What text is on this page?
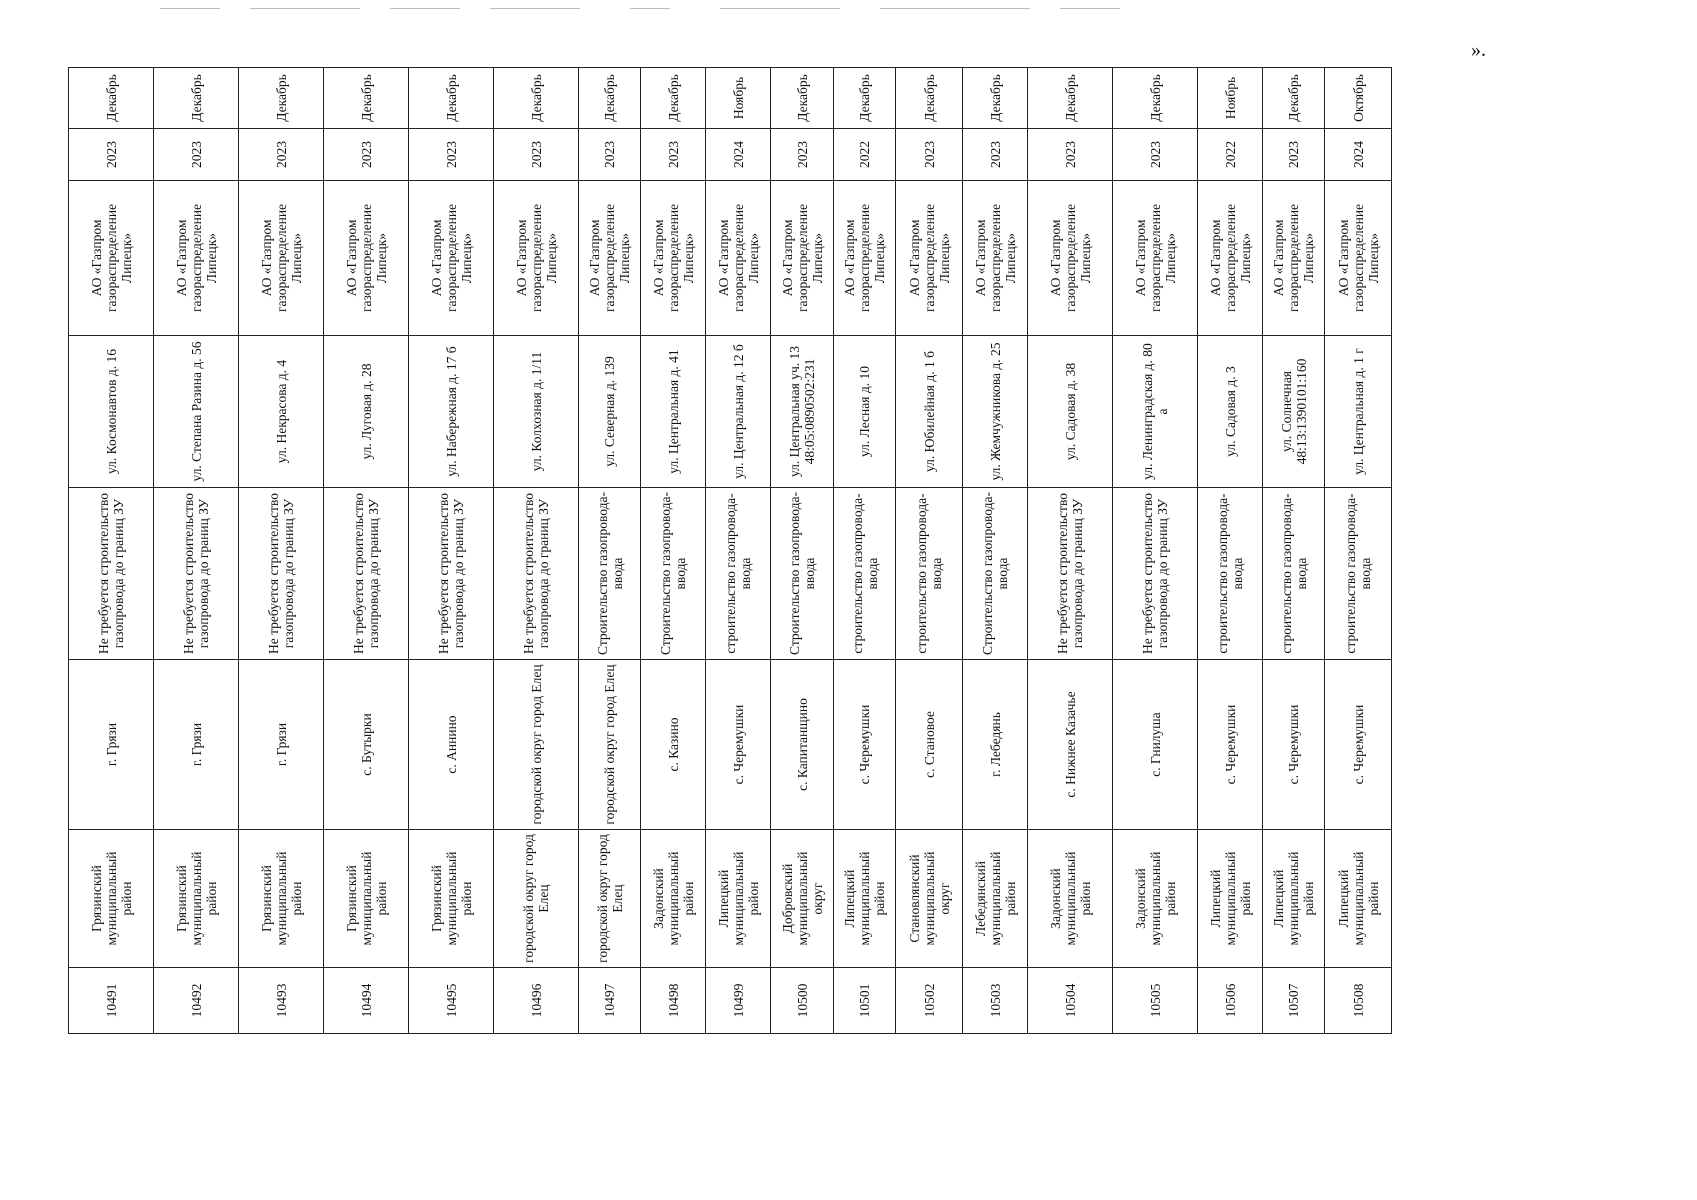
10491	Грязинский муниципальный район	г. Грязи	Не требуется строительство газопровода до границ ЗУ	ул. Космонавтов д. 16	АО «Газпром газораспределение Липецк»	2023	Декабрь
10492	Грязинский муниципальный район	г. Грязи	Не требуется строительство газопровода до границ ЗУ	ул. Степана Разина д. 56	АО «Газпром газораспределение Липецк»	2023	Декабрь
10493	Грязинский муниципальный район	г. Грязи	Не требуется строительство газопровода до границ ЗУ	ул. Некрасова д. 4	АО «Газпром газораспределение Липецк»	2023	Декабрь
10494	Грязинский муниципальный район	с. Бутырки	Не требуется строительство газопровода до границ ЗУ	ул. Луговая д. 28	АО «Газпром газораспределение Липецк»	2023	Декабрь
10495	Грязинский муниципальный район	с. Аннино	Не требуется строительство газопровода до границ ЗУ	ул. Набережная д. 17 б	АО «Газпром газораспределение Липецк»	2023	Декабрь
10496	городской округ город Елец	городской округ город Елец	Не требуется строительство газопровода до границ ЗУ	ул. Колхозная д. 1/11	АО «Газпром газораспределение Липецк»	2023	Декабрь
10497	городской округ город Елец	городской округ город Елец	Строительство газопровода-ввода	ул. Северная д. 139	АО «Газпром газораспределение Липецк»	2023	Декабрь
10498	Задонский муниципальный район	с. Казино	Строительство газопровода-ввода	ул. Центральная д. 41	АО «Газпром газораспределение Липецк»	2023	Декабрь
10499	Липецкий муниципальный район	с. Черемушки	строительство газопровода-ввода	ул. Центральная д. 12 б	АО «Газпром газораспределение Липецк»	2024	Ноябрь
10500	Добровский муниципальный округ	с. Капитанщино	Строительство газопровода-ввода	ул. Центральная уч. 13 48:05:0890502:231	АО «Газпром газораспределение Липецк»	2023	Декабрь
10501	Липецкий муниципальный район	с. Черемушки	строительство газопровода-ввода	ул. Лесная д. 10	АО «Газпром газораспределение Липецк»	2022	Декабрь
10502	Становлянский муниципальный округ	с. Становое	строительство газопровода-ввода	ул. Юбилейная д. 1 б	АО «Газпром газораспределение Липецк»	2023	Декабрь
10503	Лебедянский муниципальный район	г. Лебедянь	Строительство газопровода-ввода	ул. Жемчужникова д. 25	АО «Газпром газораспределение Липецк»	2023	Декабрь
10504	Задонский муниципальный район	с. Нижнее Казачье	Не требуется строительство газопровода до границ ЗУ	ул. Садовая д. 38	АО «Газпром газораспределение Липецк»	2023	Декабрь
10505	Задонский муниципальный район	с. Гнилуша	Не требуется строительство газопровода до границ ЗУ	ул. Ленинградская д. 80 а	АО «Газпром газораспределение Липецк»	2023	Декабрь
10506	Липецкий муниципальный район	с. Черемушки	строительство газопровода-ввода	ул. Садовая д. 3	АО «Газпром газораспределение Липецк»	2022	Ноябрь
10507	Липецкий муниципальный район	с. Черемушки	строительство газопровода-ввода	ул. Солнечная 48:13:1390101:160	АО «Газпром газораспределение Липецк»	2023	Декабрь
10508	Липецкий муниципальный район	с. Черемушки	строительство газопровода-ввода	ул. Центральная д. 1 г	АО «Газпром газораспределение Липецк»	2024	Октябрь
».
